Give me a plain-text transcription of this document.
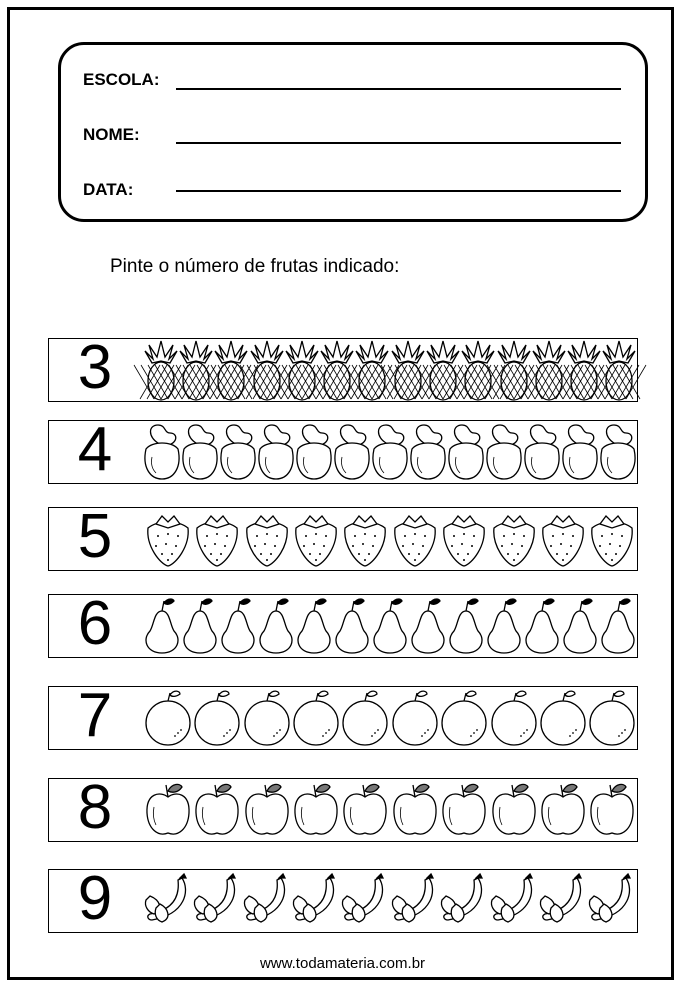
ESCOLA:
NOME:
DATA:
Pinte o número de frutas indicado:
3
4
5
6
7
8
9
www.todamateria.com.br
